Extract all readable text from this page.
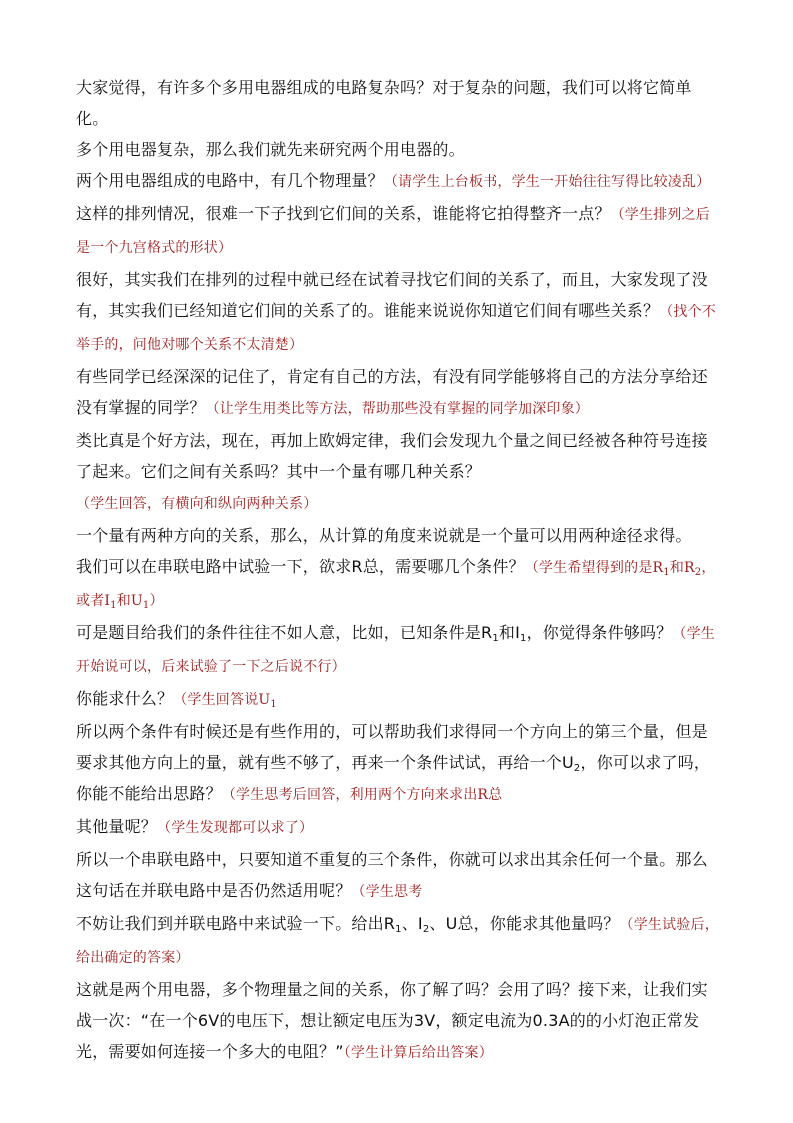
大家觉得，有许多个多用电器组成的电路复杂吗？对于复杂的问题，我们可以将它简单化。

多个用电器复杂，那么我们就先来研究两个用电器的。

两个用电器组成的电路中，有几个物理量？（请学生上台板书，学生一开始往往写得比较凌乱）

这样的排列情况，很难一下子找到它们间的关系，谁能将它拍得整齐一点？（学生排列之后是一个九宫格式的形状）

很好，其实我们在排列的过程中就已经在试着寻找它们间的关系了，而且，大家发现了没有，其实我们已经知道它们间的关系了的。谁能来说说你知道它们间有哪些关系？（找个不举手的，问他对哪个关系不太清楚）

有些同学已经深深的记住了，肯定有自己的方法，有没有同学能够将自己的方法分享给还没有掌握的同学？（让学生用类比等方法，帮助那些没有掌握的同学加深印象）

类比真是个好方法，现在，再加上欧姆定律，我们会发现九个量之间已经被各种符号连接了起来。它们之间有关系吗？其中一个量有哪几种关系？（学生回答，有横向和纵向两种关系）

一个量有两种方向的关系，那么，从计算的角度来说就是一个量可以用两种途径求得。

我们可以在串联电路中试验一下，欲求R总，需要哪几个条件？（学生希望得到的是$R_1$和$R_2$，或者$I_1$和$U_1$）

可是题目给我们的条件往往不如人意，比如，已知条件是$R_1$和$I_1$，你觉得条件够吗？（学生开始说可以，后来试验了一下之后说不行）

你能求什么？（学生回答说$U_1$

所以两个条件有时候还是有些作用的，可以帮助我们求得同一个方向上的第三个量，但是要求其他方向上的量，就有些不够了，再来一个条件试试，再给一个$U_2$，你可以求了吗，你能不能给出思路？（学生思考后回答，利用两个方向来求出R总

其他量呢？（学生发现都可以求了）

所以一个串联电路中，只要知道不重复的三个条件，你就可以求出其余任何一个量。那么这句话在并联电路中是否仍然适用呢？（学生思考

不妨让我们到并联电路中来试验一下。给出$R_1$、$I_2$、U总，你能求其他量吗？（学生试验后，给出确定的答案）

这就是两个用电器，多个物理量之间的关系，你了解了吗？会用了吗？接下来，让我们实战一次：“在一个6V的电压下，想让额定电压为3V，额定电流为0.3A的的小灯泡正常发光，需要如何连接一个多大的电阻？”（学生计算后给出答案）
